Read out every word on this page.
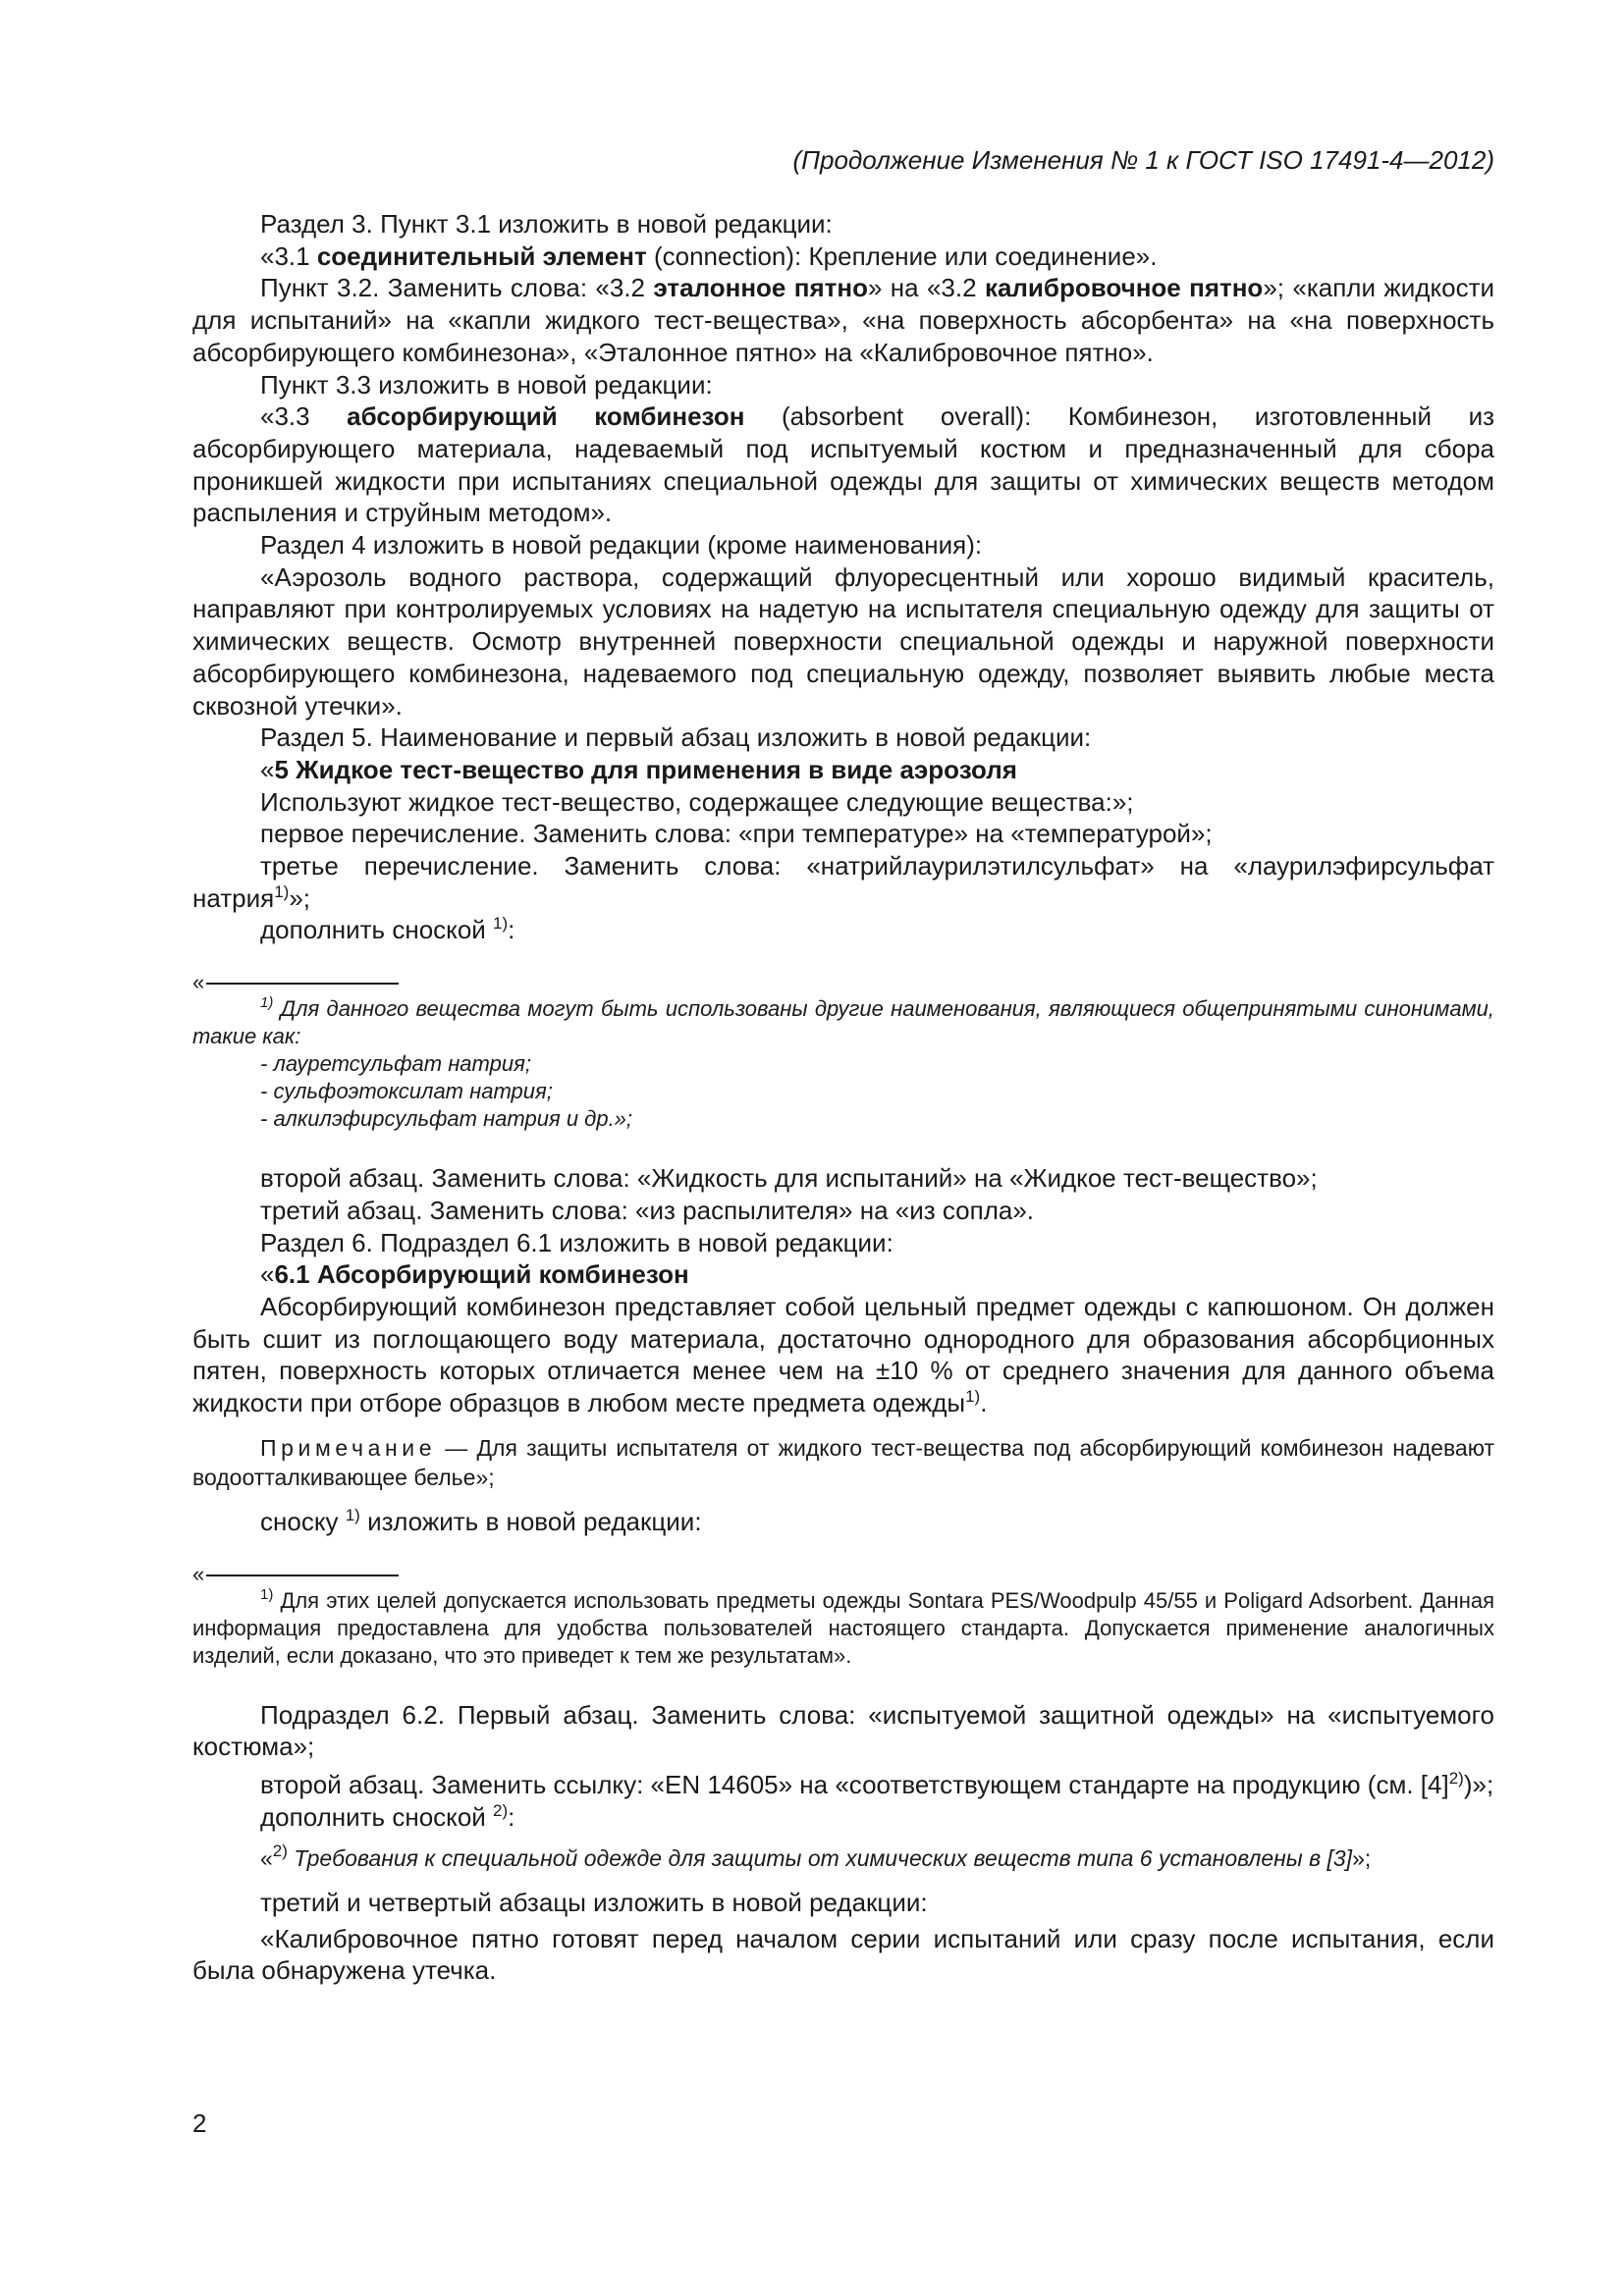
(Продолжение Изменения № 1 к ГОСТ ISO 17491-4—2012)

Раздел 3. Пункт 3.1 изложить в новой редакции:

«3.1 соединительный элемент (connection): Крепление или соединение».

Пункт 3.2. Заменить слова: «3.2 эталонное пятно» на «3.2 калибровочное пятно»; «капли жидкости для испытаний» на «капли жидкого тест-вещества», «на поверхность абсорбента» на «на поверхность абсорбирующего комбинезона», «Эталонное пятно» на «Калибровочное пятно».

Пункт 3.3 изложить в новой редакции:

«3.3 абсорбирующий комбинезон (absorbent overall): Комбинезон, изготовленный из абсорбирующего материала, надеваемый под испытуемый костюм и предназначенный для сбора проникшей жидкости при испытаниях специальной одежды для защиты от химических веществ методом распыления и струйным методом».

Раздел 4 изложить в новой редакции (кроме наименования):

«Аэрозоль водного раствора, содержащий флуоресцентный или хорошо видимый краситель, направляют при контролируемых условиях на надетую на испытателя специальную одежду для защиты от химических веществ. Осмотр внутренней поверхности специальной одежды и наружной поверхности абсорбирующего комбинезона, надеваемого под специальную одежду, позволяет выявить любые места сквозной утечки».

Раздел 5. Наименование и первый абзац изложить в новой редакции:

«5 Жидкое тест-вещество для применения в виде аэрозоля

Используют жидкое тест-вещество, содержащее следующие вещества:»;

первое перечисление. Заменить слова: «при температуре» на «температурой»;

третье перечисление. Заменить слова: «натрийлаурилэтилсульфат» на «лаурилэфирсульфат натрия$^{1)}$»;

дополнить сноской $^{1)}$:

«

$^{1)}$ Для данного вещества могут быть использованы другие наименования, являющиеся общепринятыми синонимами, такие как:

- лауретсульфат натрия;

- сульфоэтоксилат натрия;

- алкилэфирсульфат натрия и др.»;

второй абзац. Заменить слова: «Жидкость для испытаний» на «Жидкое тест-вещество»;

третий абзац. Заменить слова: «из распылителя» на «из сопла».

Раздел 6. Подраздел 6.1 изложить в новой редакции:

«6.1 Абсорбирующий комбинезон

Абсорбирующий комбинезон представляет собой цельный предмет одежды с капюшоном. Он должен быть сшит из поглощающего воду материала, достаточно однородного для образования абсорбционных пятен, поверхность которых отличается менее чем на ±10 % от среднего значения для данного объема жидкости при отборе образцов в любом месте предмета одежды$^{1)}$.

Примечание — Для защиты испытателя от жидкого тест-вещества под абсорбирующий комбинезон надевают водоотталкивающее белье»;

сноску $^{1)}$ изложить в новой редакции:

«

$^{1)}$ Для этих целей допускается использовать предметы одежды Sontara PES/Woodpulp 45/55 и Poligard Adsorbent. Данная информация предоставлена для удобства пользователей настоящего стандарта. Допускается применение аналогичных изделий, если доказано, что это приведет к тем же результатам».

Подраздел 6.2. Первый абзац. Заменить слова: «испытуемой защитной одежды» на «испытуемого костюма»;

второй абзац. Заменить ссылку: «EN 14605» на «соответствующем стандарте на продукцию (см. $[4]^{2)}$)»;

дополнить сноской $^{2)}$:

«$^{2)}$ Требования к специальной одежде для защиты от химических веществ типа 6 установлены в [3]»;

третий и четвертый абзацы изложить в новой редакции:

«Калибровочное пятно готовят перед началом серии испытаний или сразу после испытания, если была обнаружена утечка.

2
